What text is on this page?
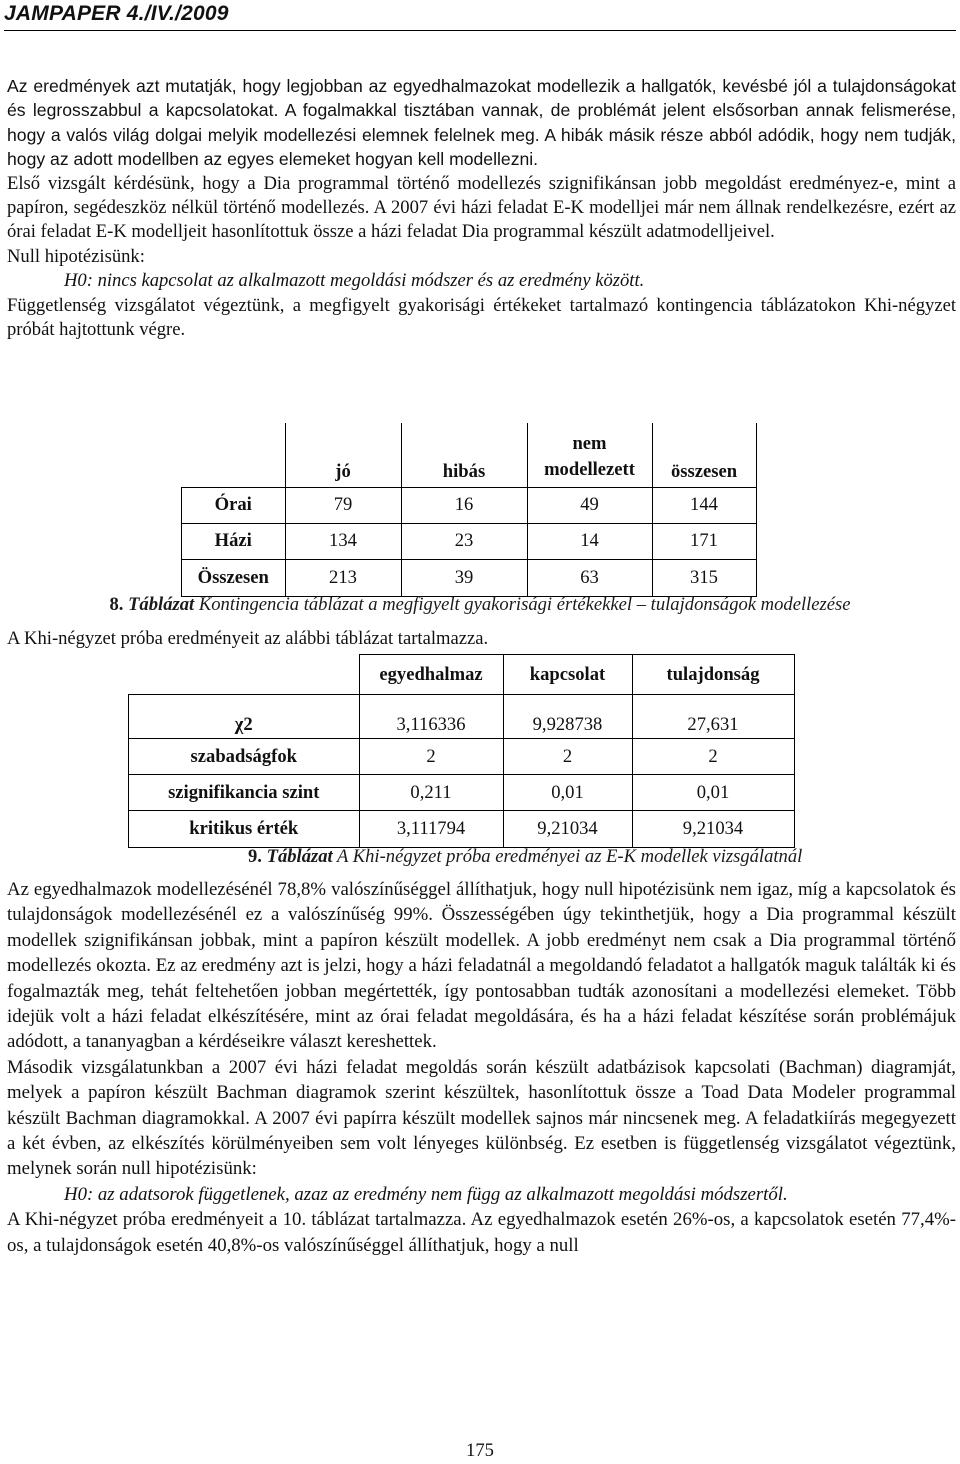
JAMPAPER 4./IV./2009

Az eredmények azt mutatják, hogy legjobban az egyedhalmazokat modellezik a hallgatók, kevésbé jól a tulajdonságokat és legrosszabbul a kapcsolatokat. A fogalmakkal tisztában vannak, de problémát jelent elsősorban annak felismerése, hogy a valós világ dolgai melyik modellezési elemnek felelnek meg. A hibák másik része abból adódik, hogy nem tudják, hogy az adott modellben az egyes elemeket hogyan kell modellezni.

Első vizsgált kérdésünk, hogy a Dia programmal történő modellezés szignifikánsan jobb megoldást eredményez-e, mint a papíron, segédeszköz nélkül történő modellezés. A 2007 évi házi feladat E-K modelljei már nem állnak rendelkezésre, ezért az órai feladat E-K modelljeit hasonlítottuk össze a házi feladat Dia programmal készült adatmodelljeivel.

Null hipotézisünk:

H0: nincs kapcsolat az alkalmazott megoldási módszer és az eredmény között.

Függetlenség vizsgálatot végeztünk, a megfigyelt gyakorisági értékeket tartalmazó kontingencia táblázatokon Khi-négyzet próbát hajtottunk végre.

	jó	hibás	nem modellezett	összesen
Órai	79	16	49	144
Házi	134	23	14	171
Összesen	213	39	63	315
8. Táblázat Kontingencia táblázat a megfigyelt gyakorisági értékekkel – tulajdonságok modellezése

A Khi-négyzet próba eredményeit az alábbi táblázat tartalmazza.

	egyedhalmaz	kapcsolat	tulajdonság
χ2	3,116336	9,928738	27,631
szabadságfok	2	2	2
szignifikancia szint	0,211	0,01	0,01
kritikus érték	3,111794	9,21034	9,21034
9. Táblázat A Khi-négyzet próba eredményei az E-K modellek vizsgálatnál

Az egyedhalmazok modellezésénél 78,8% valószínűséggel állíthatjuk, hogy null hipotézisünk nem igaz, míg a kapcsolatok és tulajdonságok modellezésénél ez a valószínűség 99%. Összességében úgy tekinthetjük, hogy a Dia programmal készült modellek szignifikánsan jobbak, mint a papíron készült modellek. A jobb eredményt nem csak a Dia programmal történő modellezés okozta. Ez az eredmény azt is jelzi, hogy a házi feladatnál a megoldandó feladatot a hallgatók maguk találták ki és fogalmazták meg, tehát feltehetően jobban megértették, így pontosabban tudták azonosítani a modellezési elemeket. Több idejük volt a házi feladat elkészítésére, mint az órai feladat megoldására, és ha a házi feladat készítése során problémájuk adódott, a tananyagban a kérdéseikre választ kereshettek.

Második vizsgálatunkban a 2007 évi házi feladat megoldás során készült adatbázisok kapcsolati (Bachman) diagramját, melyek a papíron készült Bachman diagramok szerint készültek, hasonlítottuk össze a Toad Data Modeler programmal készült Bachman diagramokkal. A 2007 évi papírra készült modellek sajnos már nincsenek meg. A feladatkiírás megegyezett a két évben, az elkészítés körülményeiben sem volt lényeges különbség. Ez esetben is függetlenség vizsgálatot végeztünk, melynek során null hipotézisünk:

H0: az adatsorok függetlenek, azaz az eredmény nem függ az alkalmazott megoldási módszertől.

A Khi-négyzet próba eredményeit a 10. táblázat tartalmazza. Az egyedhalmazok esetén 26%-os, a kapcsolatok esetén 77,4%-os, a tulajdonságok esetén 40,8%-os valószínűséggel állíthatjuk, hogy a null

175
